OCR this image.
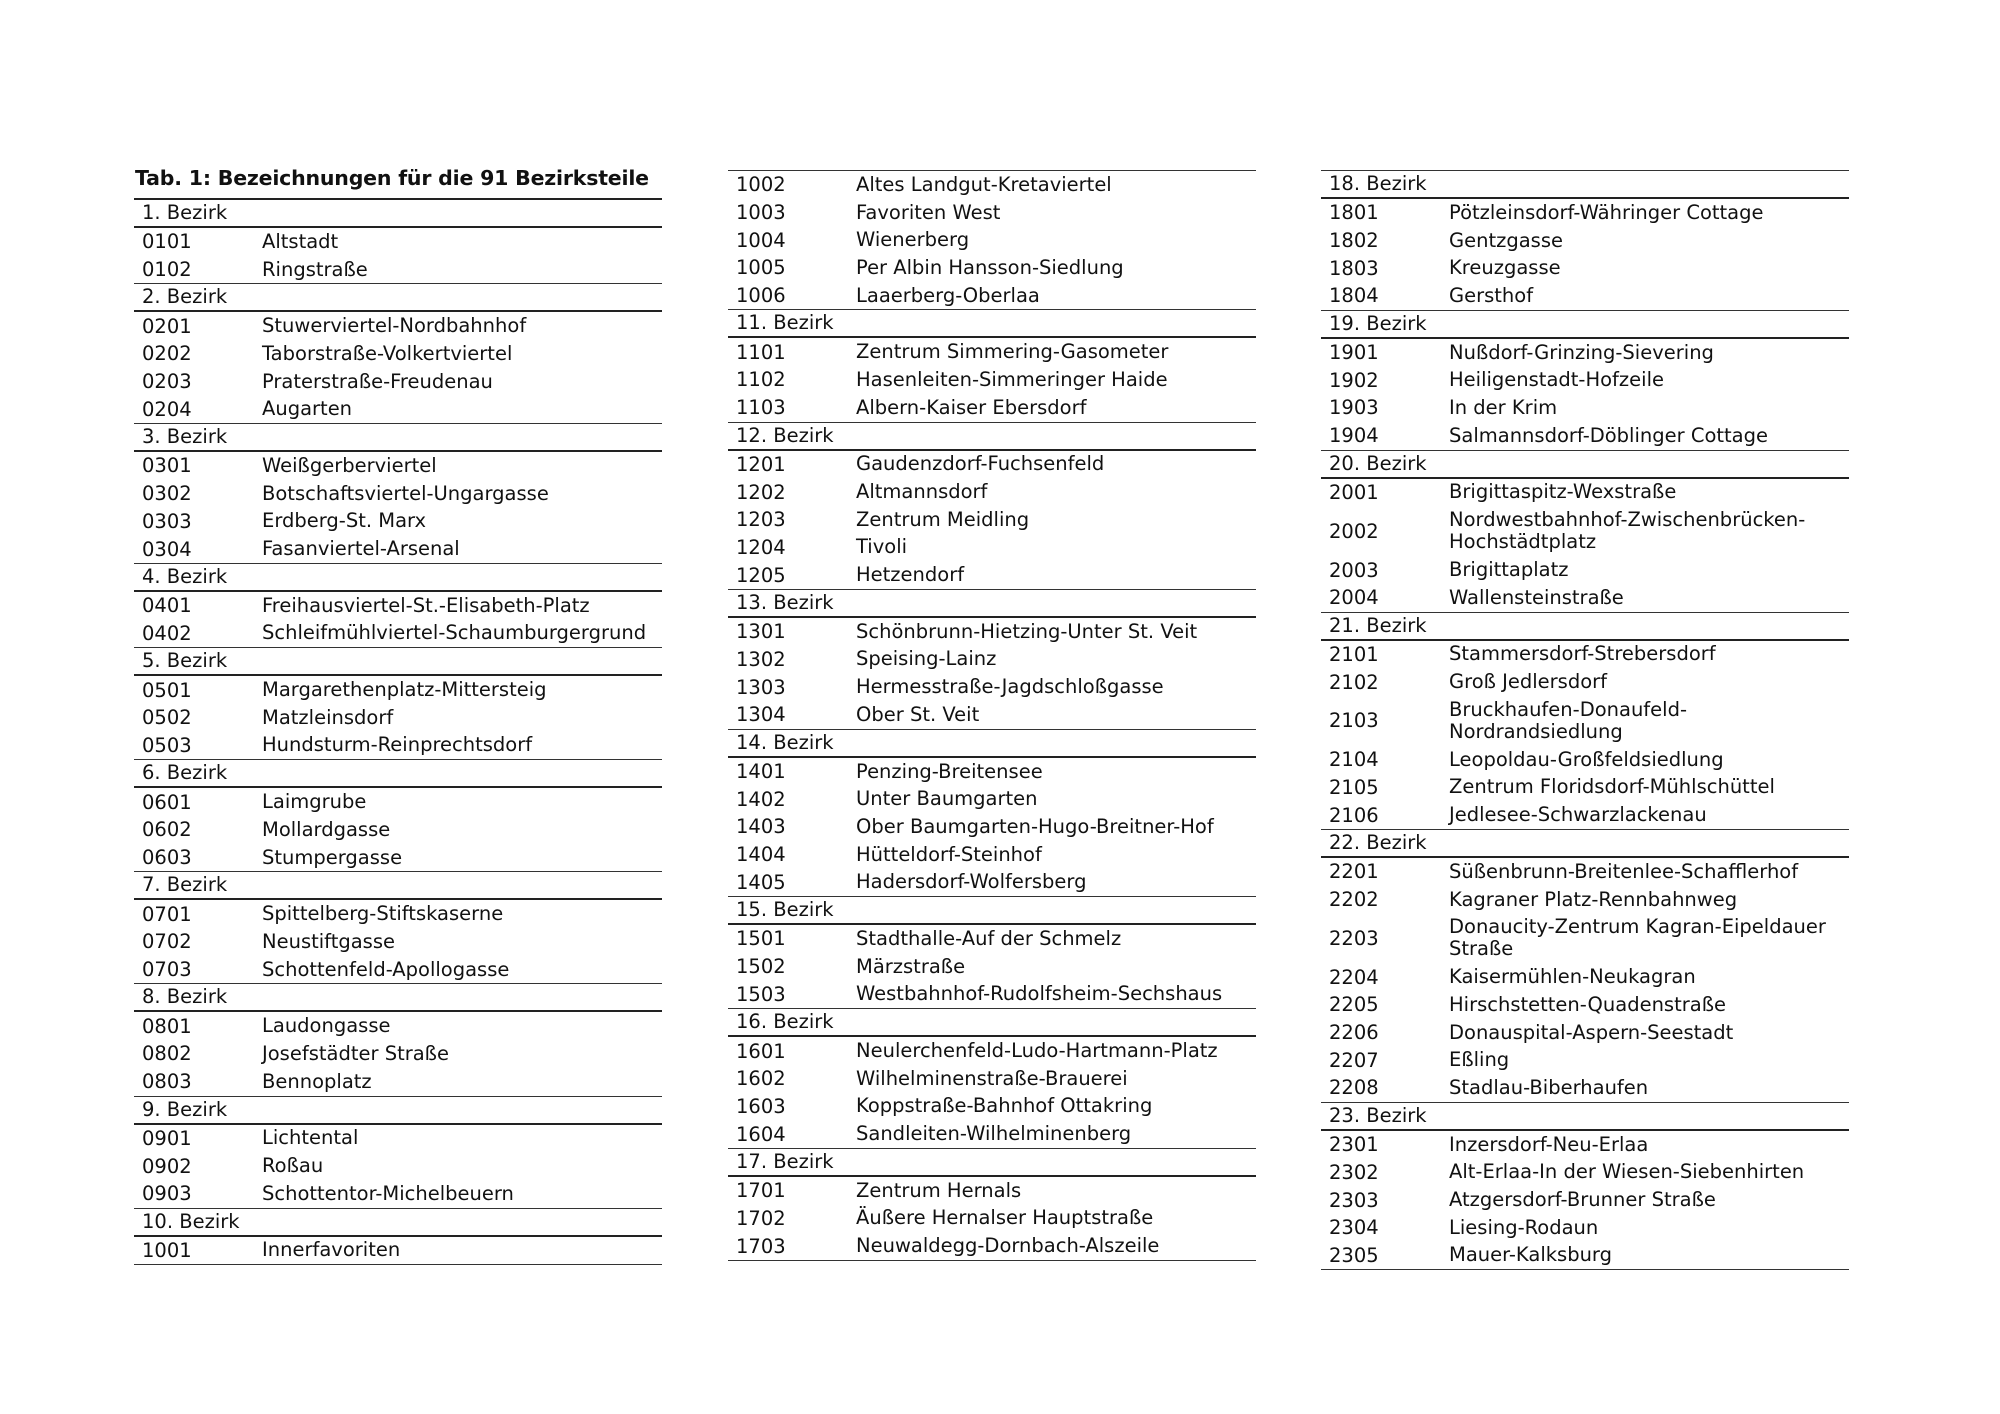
Tab. 1: Bezeichnungen für die 91 Bezirksteile
1. Bezirk
0101	Altstadt
0102	Ringstraße
2. Bezirk
0201	Stuwerviertel-Nordbahnhof
0202	Taborstraße-Volkertviertel
0203	Praterstraße-Freudenau
0204	Augarten
3. Bezirk
0301	Weißgerberviertel
0302	Botschaftsviertel-Ungargasse
0303	Erdberg-St. Marx
0304	Fasanviertel-Arsenal
4. Bezirk
0401	Freihausviertel-St.-Elisabeth-Platz
0402	Schleifmühlviertel-Schaumburgergrund
5. Bezirk
0501	Margarethenplatz-Mittersteig
0502	Matzleinsdorf
0503	Hundsturm-Reinprechtsdorf
6. Bezirk
0601	Laimgrube
0602	Mollardgasse
0603	Stumpergasse
7. Bezirk
0701	Spittelberg-Stiftskaserne
0702	Neustiftgasse
0703	Schottenfeld-Apollogasse
8. Bezirk
0801	Laudongasse
0802	Josefstädter Straße
0803	Bennoplatz
9. Bezirk
0901	Lichtental
0902	Roßau
0903	Schottentor-Michelbeuern
10. Bezirk
1001	Innerfavoriten
1002	Altes Landgut-Kretaviertel
1003	Favoriten West
1004	Wienerberg
1005	Per Albin Hansson-Siedlung
1006	Laaerberg-Oberlaa
11. Bezirk
1101	Zentrum Simmering-Gasometer
1102	Hasenleiten-Simmeringer Haide
1103	Albern-Kaiser Ebersdorf
12. Bezirk
1201	Gaudenzdorf-Fuchsenfeld
1202	Altmannsdorf
1203	Zentrum Meidling
1204	Tivoli
1205	Hetzendorf
13. Bezirk
1301	Schönbrunn-Hietzing-Unter St. Veit
1302	Speising-Lainz
1303	Hermesstraße-Jagdschloßgasse
1304	Ober St. Veit
14. Bezirk
1401	Penzing-Breitensee
1402	Unter Baumgarten
1403	Ober Baumgarten-Hugo-Breitner-Hof
1404	Hütteldorf-Steinhof
1405	Hadersdorf-Wolfersberg
15. Bezirk
1501	Stadthalle-Auf der Schmelz
1502	Märzstraße
1503	Westbahnhof-Rudolfsheim-Sechshaus
16. Bezirk
1601	Neulerchenfeld-Ludo-Hartmann-Platz
1602	Wilhelminenstraße-Brauerei
1603	Koppstraße-Bahnhof Ottakring
1604	Sandleiten-Wilhelminenberg
17. Bezirk
1701	Zentrum Hernals
1702	Äußere Hernalser Hauptstraße
1703	Neuwaldegg-Dornbach-Alszeile
18. Bezirk
1801	Pötzleinsdorf-Währinger Cottage
1802	Gentzgasse
1803	Kreuzgasse
1804	Gersthof
19. Bezirk
1901	Nußdorf-Grinzing-Sievering
1902	Heiligenstadt-Hofzeile
1903	In der Krim
1904	Salmannsdorf-Döblinger Cottage
20. Bezirk
2001	Brigittaspitz-Wexstraße
2002	Nordwestbahnhof-Zwischenbrücken-Hochstädtplatz
2003	Brigittaplatz
2004	Wallensteinstraße
21. Bezirk
2101	Stammersdorf-Strebersdorf
2102	Groß Jedlersdorf
2103	Bruckhaufen-Donaufeld-Nordrandsiedlung
2104	Leopoldau-Großfeldsiedlung
2105	Zentrum Floridsdorf-Mühlschüttel
2106	Jedlesee-Schwarzlackenau
22. Bezirk
2201	Süßenbrunn-Breitenlee-Schafflerhof
2202	Kagraner Platz-Rennbahnweg
2203	Donaucity-Zentrum Kagran-Eipeldauer Straße
2204	Kaisermühlen-Neukagran
2205	Hirschstetten-Quadenstraße
2206	Donauspital-Aspern-Seestadt
2207	Eßling
2208	Stadlau-Biberhaufen
23. Bezirk
2301	Inzersdorf-Neu-Erlaa
2302	Alt-Erlaa-In der Wiesen-Siebenhirten
2303	Atzgersdorf-Brunner Straße
2304	Liesing-Rodaun
2305	Mauer-Kalksburg
